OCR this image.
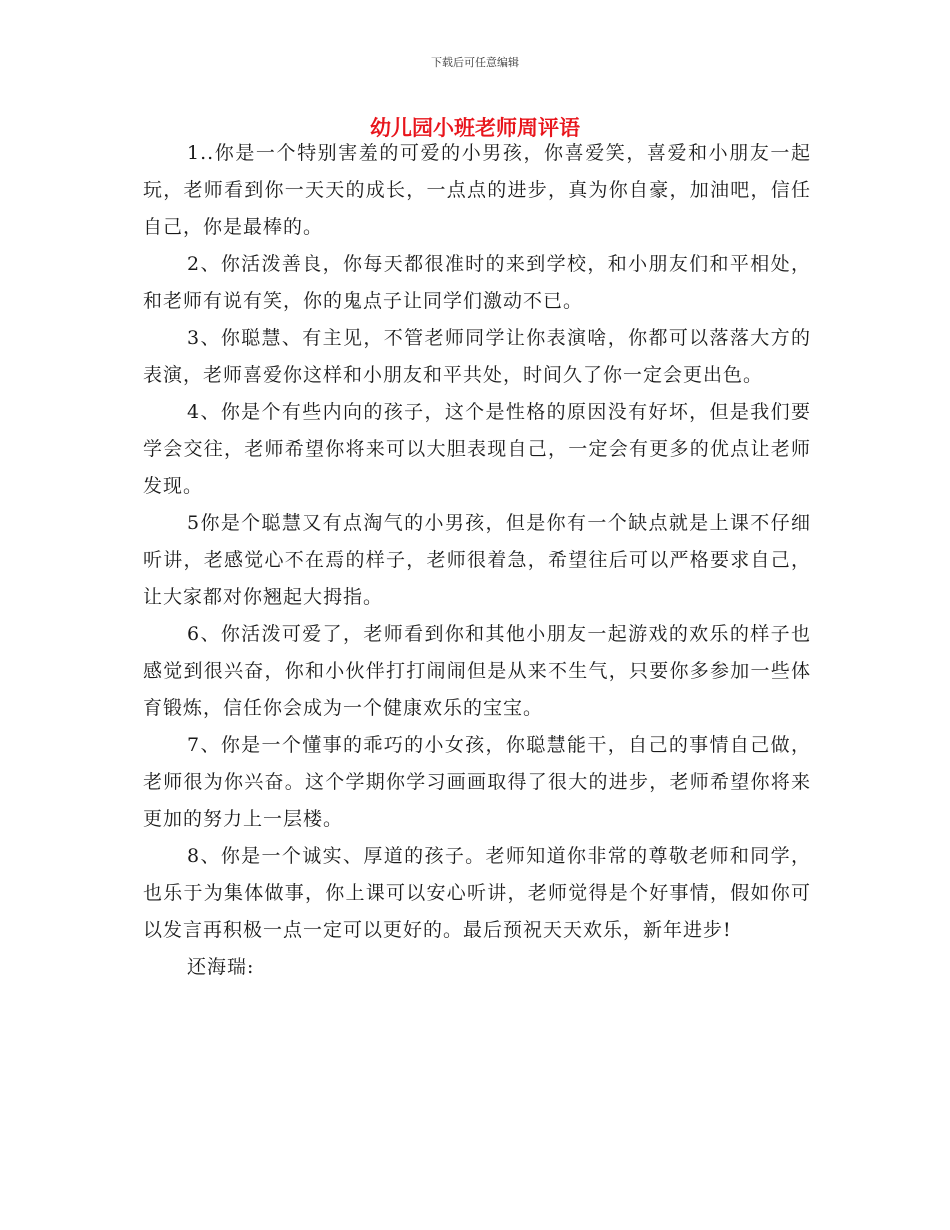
下载后可任意编辑
幼儿园小班老师周评语

1..你是一个特别害羞的可爱的小男孩，你喜爱笑，喜爱和小朋友一起玩，老师看到你一天天的成长，一点点的进步，真为你自豪，加油吧，信任自己，你是最棒的。

2、你活泼善良，你每天都很准时的来到学校，和小朋友们和平相处，和老师有说有笑，你的鬼点子让同学们激动不已。

3、你聪慧、有主见，不管老师同学让你表演啥，你都可以落落大方的表演，老师喜爱你这样和小朋友和平共处，时间久了你一定会更出色。

4、你是个有些内向的孩子，这个是性格的原因没有好坏，但是我们要学会交往，老师希望你将来可以大胆表现自己，一定会有更多的优点让老师发现。

5你是个聪慧又有点淘气的小男孩，但是你有一个缺点就是上课不仔细听讲，老感觉心不在焉的样子，老师很着急，希望往后可以严格要求自己，让大家都对你翘起大拇指。

6、你活泼可爱了，老师看到你和其他小朋友一起游戏的欢乐的样子也感觉到很兴奋，你和小伙伴打打闹闹但是从来不生气，只要你多参加一些体育锻炼，信任你会成为一个健康欢乐的宝宝。

7、你是一个懂事的乖巧的小女孩，你聪慧能干，自己的事情自己做，老师很为你兴奋。这个学期你学习画画取得了很大的进步，老师希望你将来更加的努力上一层楼。

8、你是一个诚实、厚道的孩子。老师知道你非常的尊敬老师和同学，也乐于为集体做事，你上课可以安心听讲，老师觉得是个好事情，假如你可以发言再积极一点一定可以更好的。最后预祝天天欢乐，新年进步!

还海瑞:
